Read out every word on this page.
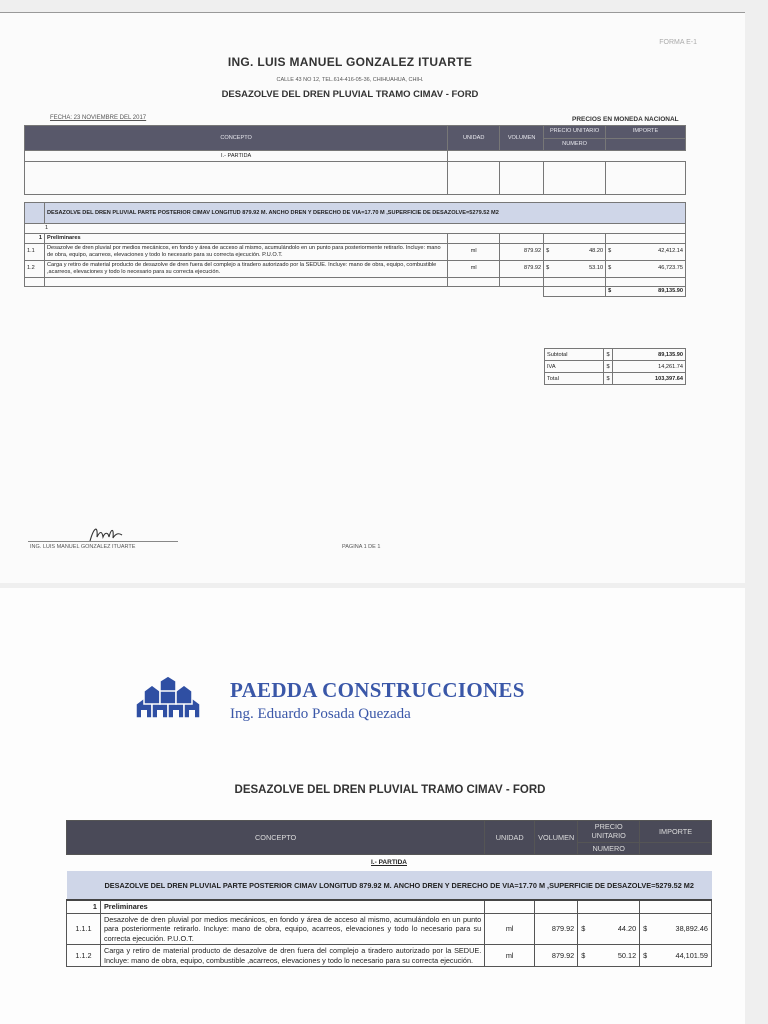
FORMA E-1
ING. LUIS MANUEL GONZALEZ ITUARTE
CALLE 43 NO 12, TEL.614-416-05-36, CHIHUAHUA, CHIH.
DESAZOLVE DEL DREN PLUVIAL TRAMO CIMAV - FORD
FECHA: 23 NOVIEMBRE DEL 2017	PRECIOS EN MONEDA NACIONAL
CONCEPTO		UNIDAD	VOLUMEN	PRECIO UNITARIO	IMPORTE
				NUMERO	
I.- PARTIDA					

	DESAZOLVE DEL DREN PLUVIAL PARTE POSTERIOR CIMAV LONGITUD 879.92 M. ANCHO DREN Y DERECHO DE VIA=17.70 M ,SUPERFICIE DE DESAZOLVE=5279.52 M2				
1					
1	Preliminares				
1.1	Desazolve de dren pluvial por medios mecánicos, en fondo y área de acceso al mismo, acumulándolo en un punto para posteriormente retirarlo. Incluye: mano de obra, equipo, acarreos, elevaciones y todo lo necesario para su correcta ejecución. P.U.O.T.	ml	879.92	$ 48.20	$ 42,412.14

1.2	Carga y retiro de material producto de desazolve de dren fuera del complejo a tiradero autorizado por la SEDUE. Incluye: mano de obra, equipo, combustible ,acarreos, elevaciones y todo lo necesario para su correcta ejecución.	ml	879.92	$ 53.10	$ 46,723.75

					$ 89,135.90
Subtotal	$	89,135.90
IVA	$	14,261.74
Total	$	103,397.64
ING. LUIS MANUEL GONZALEZ ITUARTE	PAGINA 1 DE 1
PAEDDA CONSTRUCCIONES
Ing. Eduardo Posada Quezada
DESAZOLVE DEL DREN PLUVIAL TRAMO CIMAV - FORD
CONCEPTO		UNIDAD	VOLUMEN	PRECIO UNITARIO	IMPORTE
				NUMERO	
I.- PARTIDA					
DESAZOLVE DEL DREN PLUVIAL PARTE POSTERIOR CIMAV LONGITUD 879.92 M. ANCHO DREN Y DERECHO DE VIA=17.70 M ,SUPERFICIE DE DESAZOLVE=5279.52 M2					
1	Preliminares				
1.1.1	Desazolve de dren pluvial por medios mecánicos, en fondo y área de acceso al mismo, acumulándolo en un punto para posteriormente retirarlo. Incluye: mano de obra, equipo, acarreos, elevaciones y todo lo necesario para su correcta ejecución. P.U.O.T.	ml	879.92	$ 44.20	$ 38,892.46

1.1.2	Carga y retiro de material producto de desazolve de dren fuera del complejo a tiradero autorizado por la SEDUE. Incluye: mano de obra, equipo, combustible ,acarreos, elevaciones y todo lo necesario para su correcta ejecución.	ml	879.92	$ 50.12	$ 44,101.59
